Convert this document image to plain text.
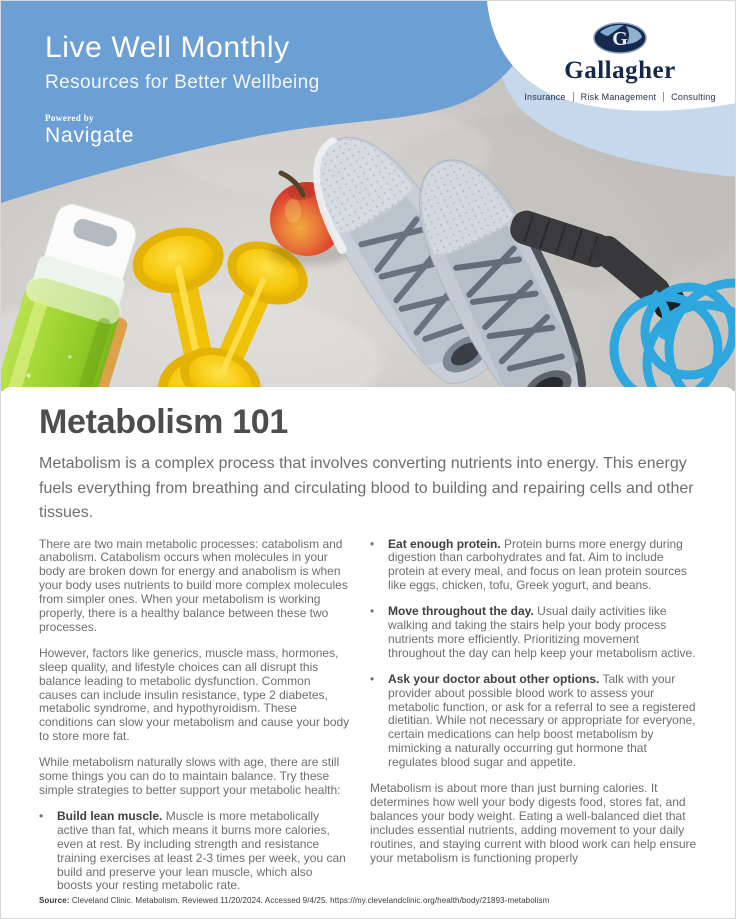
Live Well Monthly
Resources for Better Wellbeing
Powered by
Navigate
G
Gallagher
Insurance	Risk Management	Consulting
Metabolism 101
Metabolism is a complex process that involves converting nutrients into energy. This energy fuels everything from breathing and circulating blood to building and repairing cells and other tissues.

There are two main metabolic processes: catabolism and anabolism. Catabolism occurs when molecules in your body are broken down for energy and anabolism is when your body uses nutrients to build more complex molecules from simpler ones. When your metabolism is working properly, there is a healthy balance between these two processes.

However, factors like generics, muscle mass, hormones, sleep quality, and lifestyle choices can all disrupt this balance leading to metabolic dysfunction. Common causes can include insulin resistance, type 2 diabetes, metabolic syndrome, and hypothyroidism. These conditions can slow your metabolism and cause your body to store more fat.

While metabolism naturally slows with age, there are still some things you can do to maintain balance. Try these simple strategies to better support your metabolic health:

•	Build lean muscle. Muscle is more metabolically active than fat, which means it burns more calories, even at rest. By including strength and resistance training exercises at least 2-3 times per week, you can build and preserve your lean muscle, which also boosts your resting metabolic rate.
•	Eat enough protein. Protein burns more energy during digestion than carbohydrates and fat. Aim to include protein at every meal, and focus on lean protein sources like eggs, chicken, tofu, Greek yogurt, and beans.
•	Move throughout the day. Usual daily activities like walking and taking the stairs help your body process nutrients more efficiently. Prioritizing movement throughout the day can help keep your metabolism active.
•	Ask your doctor about other options. Talk with your provider about possible blood work to assess your metabolic function, or ask for a referral to see a registered dietitian. While not necessary or appropriate for everyone, certain medications can help boost metabolism by mimicking a naturally occurring gut hormone that regulates blood sugar and appetite.

Metabolism is about more than just burning calories. It determines how well your body digests food, stores fat, and balances your body weight. Eating a well-balanced diet that includes essential nutrients, adding movement to your daily routines, and staying current with blood work can help ensure your metabolism is functioning properly

Source: Cleveland Clinic. Metabolism. Reviewed 11/20/2024. Accessed 9/4/25. https://my.clevelandclinic.org/health/body/21893-metabolism
